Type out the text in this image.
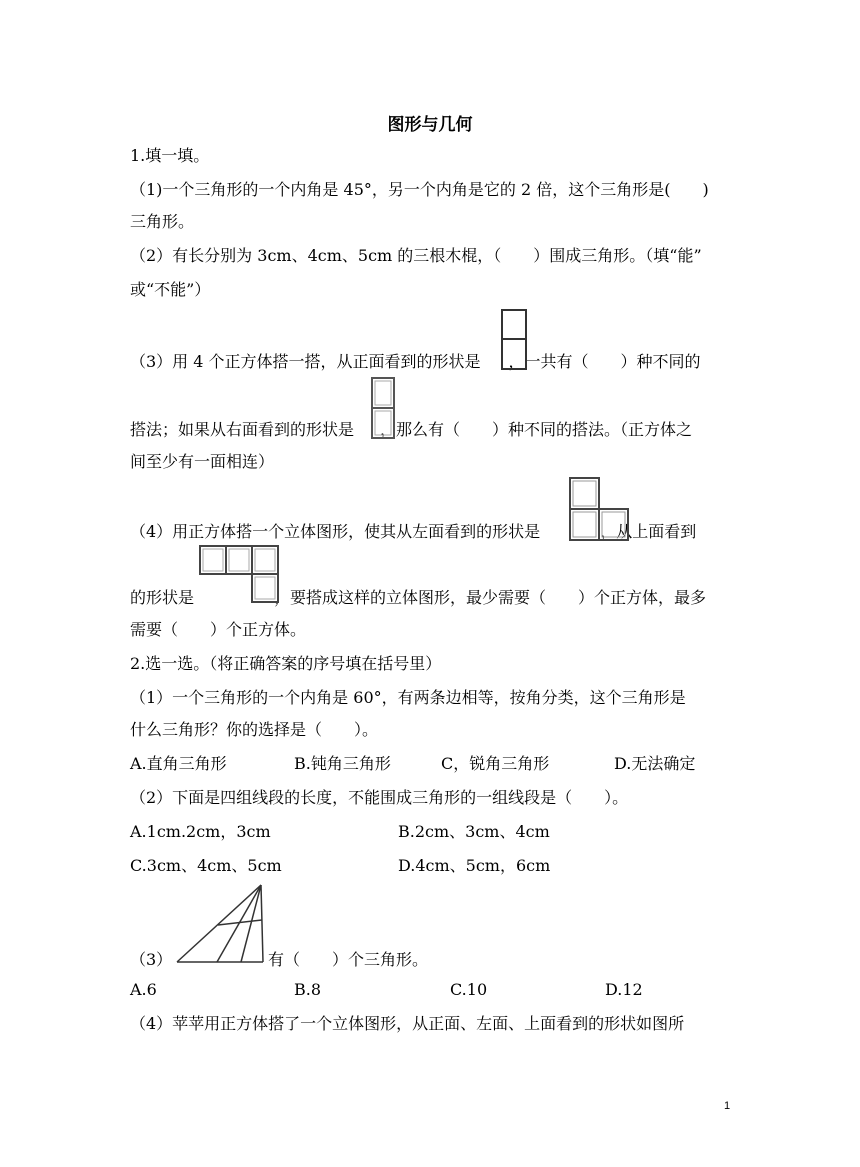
图形与几何
1.填一填。
（1)一个三角形的一个内角是 45°，另一个内角是它的 2 倍，这个三角形是(　　)
三角形。
（2）有长分别为 3cm、4cm、5cm 的三根木棍，（　　）围成三角形。（填“能”
或“不能”）
（3）用 4 个正方体搭一搭，从正面看到的形状是 ，一共有（　　）种不同的
搭法；如果从右面看到的形状是 ，那么有（　　）种不同的搭法。（正方体之
间至少有一面相连）
（4）用正方体搭一个立体图形，使其从左面看到的形状是	，从上面看到
的形状是	，要搭成这样的立体图形，最少需要（　　）个正方体，最多
需要（　　）个正方体。
2.选一选。（将正确答案的序号填在括号里）
（1）一个三角形的一个内角是 60°，有两条边相等，按角分类，这个三角形是
什么三角形？你的选择是（　　）。
A.直角三角形	B.钝角三角形	C，锐角三角形	D.无法确定
（2）下面是四组线段的长度，不能围成三角形的一组线段是（　　）。
A.1cm.2cm，3cm	B.2cm、3cm、4cm
C.3cm、4cm、5cm	D.4cm、5cm，6cm
（3）	有（　　）个三角形。
A.6	B.8	C.10	D.12
（4）苹苹用正方体搭了一个立体图形，从正面、左面、上面看到的形状如图所
1
